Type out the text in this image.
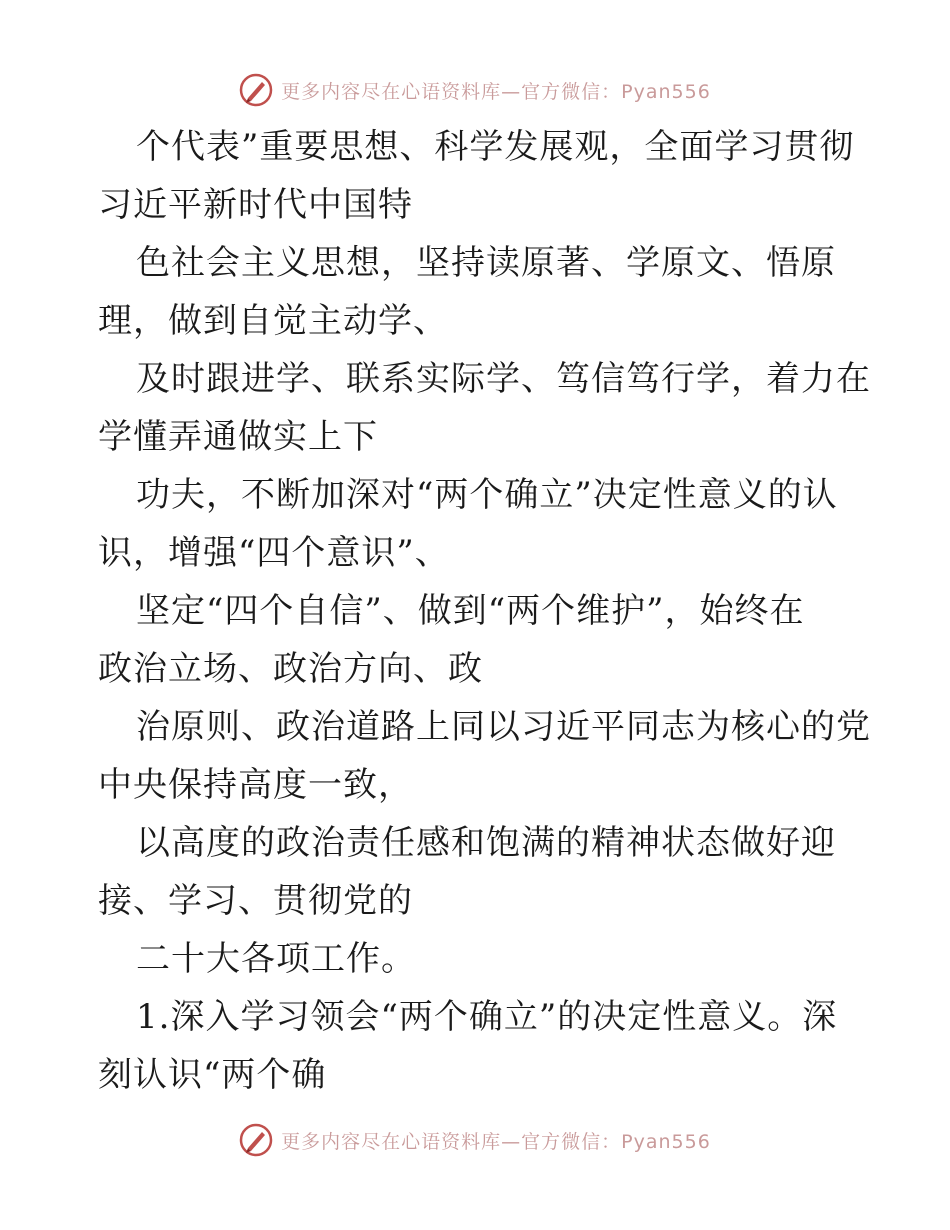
更多内容尽在心语资料库—官方微信：Pyan556
个代表”重要思想、科学发展观，全面学习贯彻
习近平新时代中国特
色社会主义思想，坚持读原著、学原文、悟原
理，做到自觉主动学、
及时跟进学、联系实际学、笃信笃行学，着力在
学懂弄通做实上下
功夫，不断加深对“两个确立”决定性意义的认
识，增强“四个意识”、
坚定“四个自信”、做到“两个维护”，始终在
政治立场、政治方向、政
治原则、政治道路上同以习近平同志为核心的党
中央保持高度一致，
以高度的政治责任感和饱满的精神状态做好迎
接、学习、贯彻党的
二十大各项工作。
1.深入学习领会“两个确立”的决定性意义。深
刻认识“两个确
更多内容尽在心语资料库—官方微信：Pyan556
